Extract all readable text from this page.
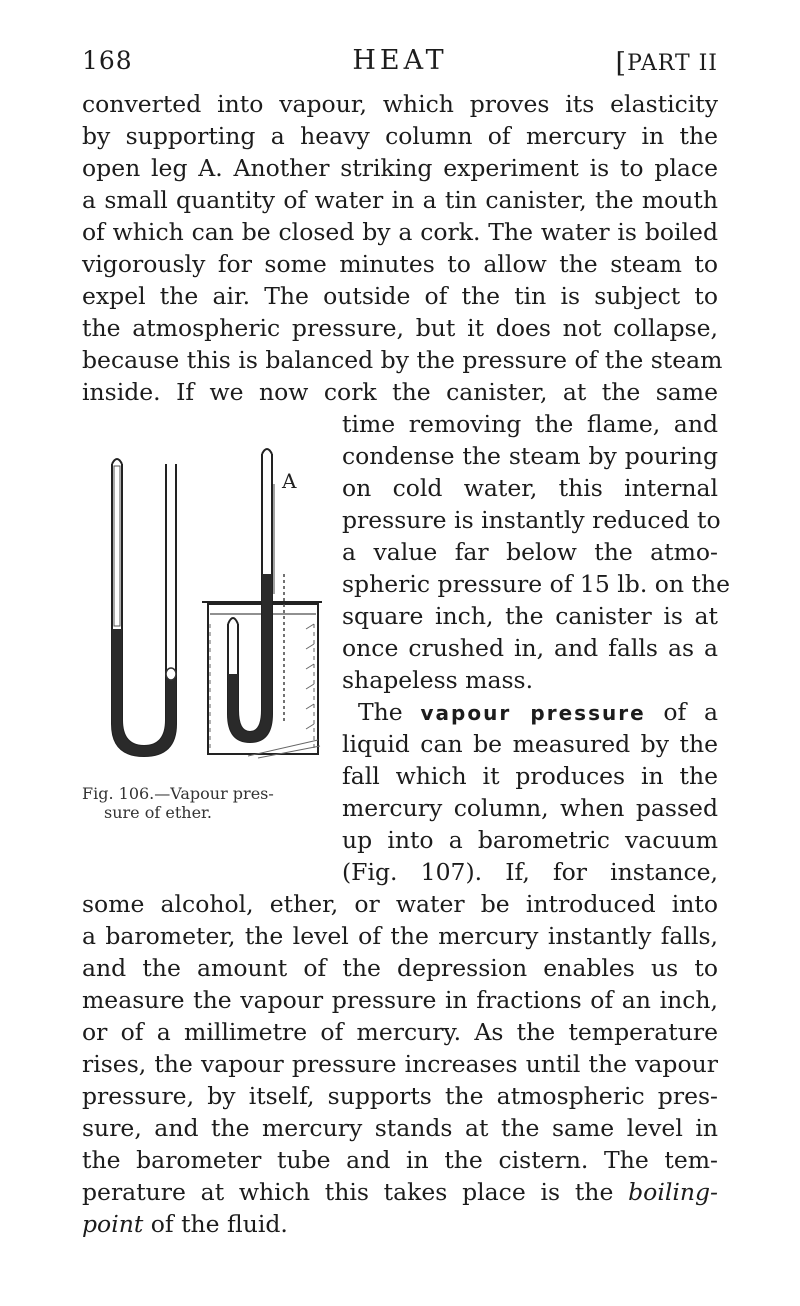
168	HEAT	[PART II
converted into vapour, which proves its elasticity
by supporting a heavy column of mercury in the
open leg A. Another striking experiment is to place
a small quantity of water in a tin canister, the mouth
of which can be closed by a cork. The water is boiled
vigorously for some minutes to allow the steam to
expel the air. The outside of the tin is subject to
the atmospheric pressure, but it does not collapse,
because this is balanced by the pressure of the steam
inside. If we now cork the canister, at the same
time removing the flame, and
condense the steam by pouring
on cold water, this internal
pressure is instantly reduced to
a value far below the atmo-
spheric pressure of 15 lb. on the
square inch, the canister is at
once crushed in, and falls as a
shapeless mass.
The vapour pressure of a
liquid can be measured by the
fall which it produces in the
mercury column, when passed
up into a barometric vacuum
(Fig. 107). If, for instance,
some alcohol, ether, or water be introduced into
a barometer, the level of the mercury instantly falls,
and the amount of the depression enables us to
measure the vapour pressure in fractions of an inch,
or of a millimetre of mercury. As the temperature
rises, the vapour pressure increases until the vapour
pressure, by itself, supports the atmospheric pres-
sure, and the mercury stands at the same level in
the barometer tube and in the cistern. The tem-
perature at which this takes place is the boiling-
point of the fluid.
A
Fig. 106.—Vapour pres-
sure of ether.
